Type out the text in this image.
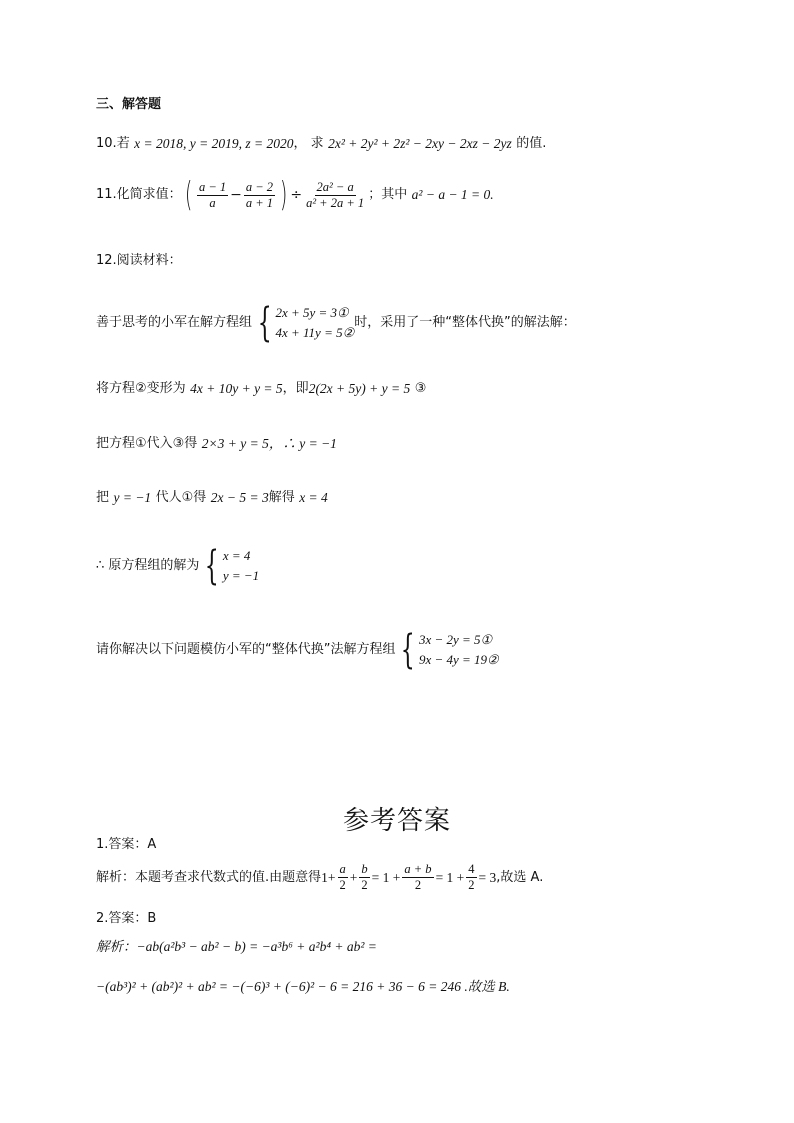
三、解答题
10. 若
x = 2018, y = 2019, z = 2020 ， 求
2x² + 2y² + 2z² − 2xy − 2xz − 2yz
的值.
11.化简求值： ( $\frac{a - 1}{a} - \frac{a - 2}{a + 1}$ ) ÷ $\frac{\text{2a² − a}}{\text{a² + 2a + 1}}$ ；其中
a² − a − 1 = 0.
12.阅读材料：
善于思考的小军在解方程组 { 2x + 5y = 3①
4x + 11y = 5②
时，采用了一种“整体代换”的解法解：
将方程②变形为
4x + 10y + y = 5 ，即 2(2x + 5y) + y = 5
③
把方程①代入③得
2×3 + y = 5，∴ y = −1
把
y = −1
代人①得
2x − 5 = 3 解得
x = 4
∴ 原方程组的解为 { x = 4
y = −1
请你解决以下问题模仿小军的“整体代换”法解方程组 { 3x − 2y = 5①
9x − 4y = 19②
参考答案
1.答案：A
解析：本题考查求代数式的值.由题意得 $1+ \frac{a}{2} + \frac{b}{2} = 1 + \frac{a + b}{2} = 1 + \frac{4}{2} = 3$ ,故选 A.
2.答案：B
解析：−ab(a²b³ − ab² − b) = −a³b⁶ + a²b⁴ + ab² =
−(ab³)² + (ab²)² + ab² = −(−6)³ + (−6)² − 6 = 216 + 36 − 6 = 246 .故选 B.
